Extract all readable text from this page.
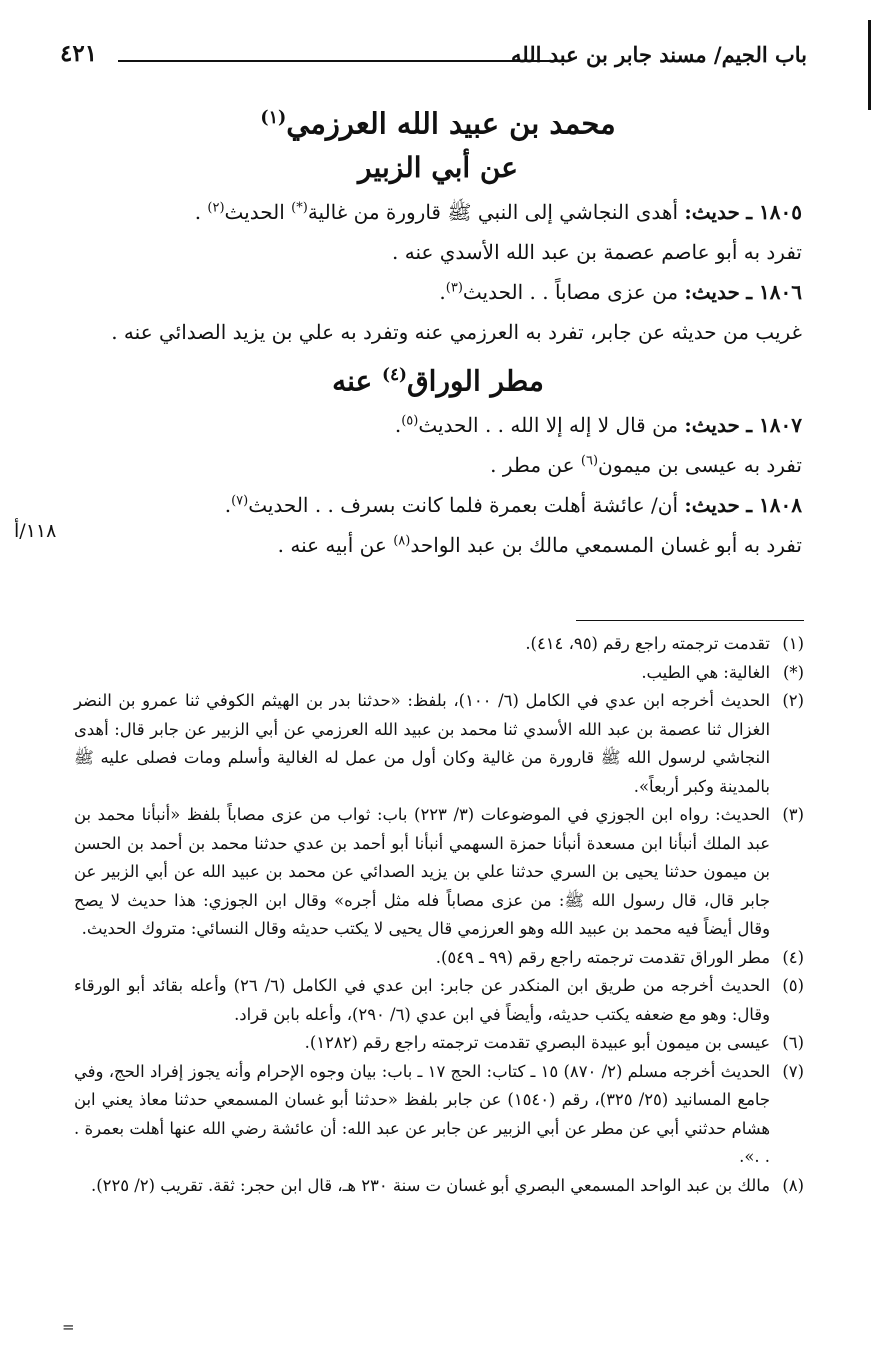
باب الجيم/ مسند جابر بن عبد الله
٤٢١
محمد بن عبيد الله العرزمي$^{(١)}$
عن أبي الزبير

١٨٠٥ ـ حديث: أهدى النجاشي إلى النبي ﷺ قارورة من غالية(*) الحديث$^{(٢)}$ .

تفرد به أبو عاصم عصمة بن عبد الله الأسدي عنه .

١٨٠٦ ـ حديث: من عزى مصاباً . . الحديث$^{(٣)}$.

غريب من حديثه عن جابر، تفرد به العرزمي عنه وتفرد به علي بن يزيد الصدائي عنه .

مطر الوراق$^{(٤)}$ عنه

١٨٠٧ ـ حديث: من قال لا إله إلا الله . . الحديث$^{(٥)}$.

تفرد به عيسى بن ميمون$^{(٦)}$ عن مطر .

١٨٠٨ ـ حديث: أن/ عائشة أهلت بعمرة فلما كانت بسرف . . الحديث$^{(٧)}$.

تفرد به أبو غسان المسمعي مالك بن عبد الواحد$^{(٨)}$ عن أبيه عنه .

١١٨/أ
(١)
تقدمت ترجمته راجع رقم (٩٥، ٤١٤).
(*)
الغالية: هي الطيب.
(٢)
الحديث أخرجه ابن عدي في الكامل (٦/ ١٠٠)، بلفظ: «حدثنا بدر بن الهيثم الكوفي ثنا عمرو بن النضر الغزال ثنا عصمة بن عبد الله الأسدي ثنا محمد بن عبيد الله العرزمي عن أبي الزبير عن جابر قال: أهدى النجاشي لرسول الله ﷺ قارورة من غالية وكان أول من عمل له الغالية وأسلم ومات فصلى عليه ﷺ بالمدينة وكبر أربعاً».
(٣)
الحديث: رواه ابن الجوزي في الموضوعات (٣/ ٢٢٣) باب: ثواب من عزى مصاباً بلفظ «أنبأنا محمد بن عبد الملك أنبأنا ابن مسعدة أنبأنا حمزة السهمي أنبأنا أبو أحمد بن عدي حدثنا محمد بن أحمد بن الحسن بن ميمون حدثنا يحيى بن السري حدثنا علي بن يزيد الصدائي عن محمد بن عبيد الله عن أبي الزبير عن جابر قال، قال رسول الله ﷺ: من عزى مصاباً فله مثل أجره» وقال ابن الجوزي: هذا حديث لا يصح وقال أيضاً فيه محمد بن عبيد الله وهو العرزمي قال يحيى لا يكتب حديثه وقال النسائي: متروك الحديث.
(٤)
مطر الوراق تقدمت ترجمته راجع رقم (٩٩ ـ ٥٤٩).
(٥)
الحديث أخرجه من طريق ابن المنكدر عن جابر: ابن عدي في الكامل (٦/ ٢٦) وأعله بقائد أبو الورقاء وقال: وهو مع ضعفه يكتب حديثه، وأيضاً في ابن عدي (٦/ ٢٩٠)، وأعله بابن قراد.
(٦)
عيسى بن ميمون أبو عبيدة البصري تقدمت ترجمته راجع رقم (١٢٨٢).
(٧)
الحديث أخرجه مسلم (٢/ ٨٧٠) ١٥ ـ كتاب: الحج ١٧ ـ باب: بيان وجوه الإحرام وأنه يجوز إفراد الحج، وفي جامع المسانيد (٢٥/ ٣٢٥)، رقم (١٥٤٠) عن جابر بلفظ «حدثنا أبو غسان المسمعي حدثنا معاذ يعني ابن هشام حدثني أبي عن مطر عن أبي الزبير عن جابر عن عبد الله: أن عائشة رضي الله عنها أهلت بعمرة . . .».
(٨)
مالك بن عبد الواحد المسمعي البصري أبو غسان ت سنة ٢٣٠ هـ، قال ابن حجر: ثقة. تقريب (٢/ ٢٢٥).
=
